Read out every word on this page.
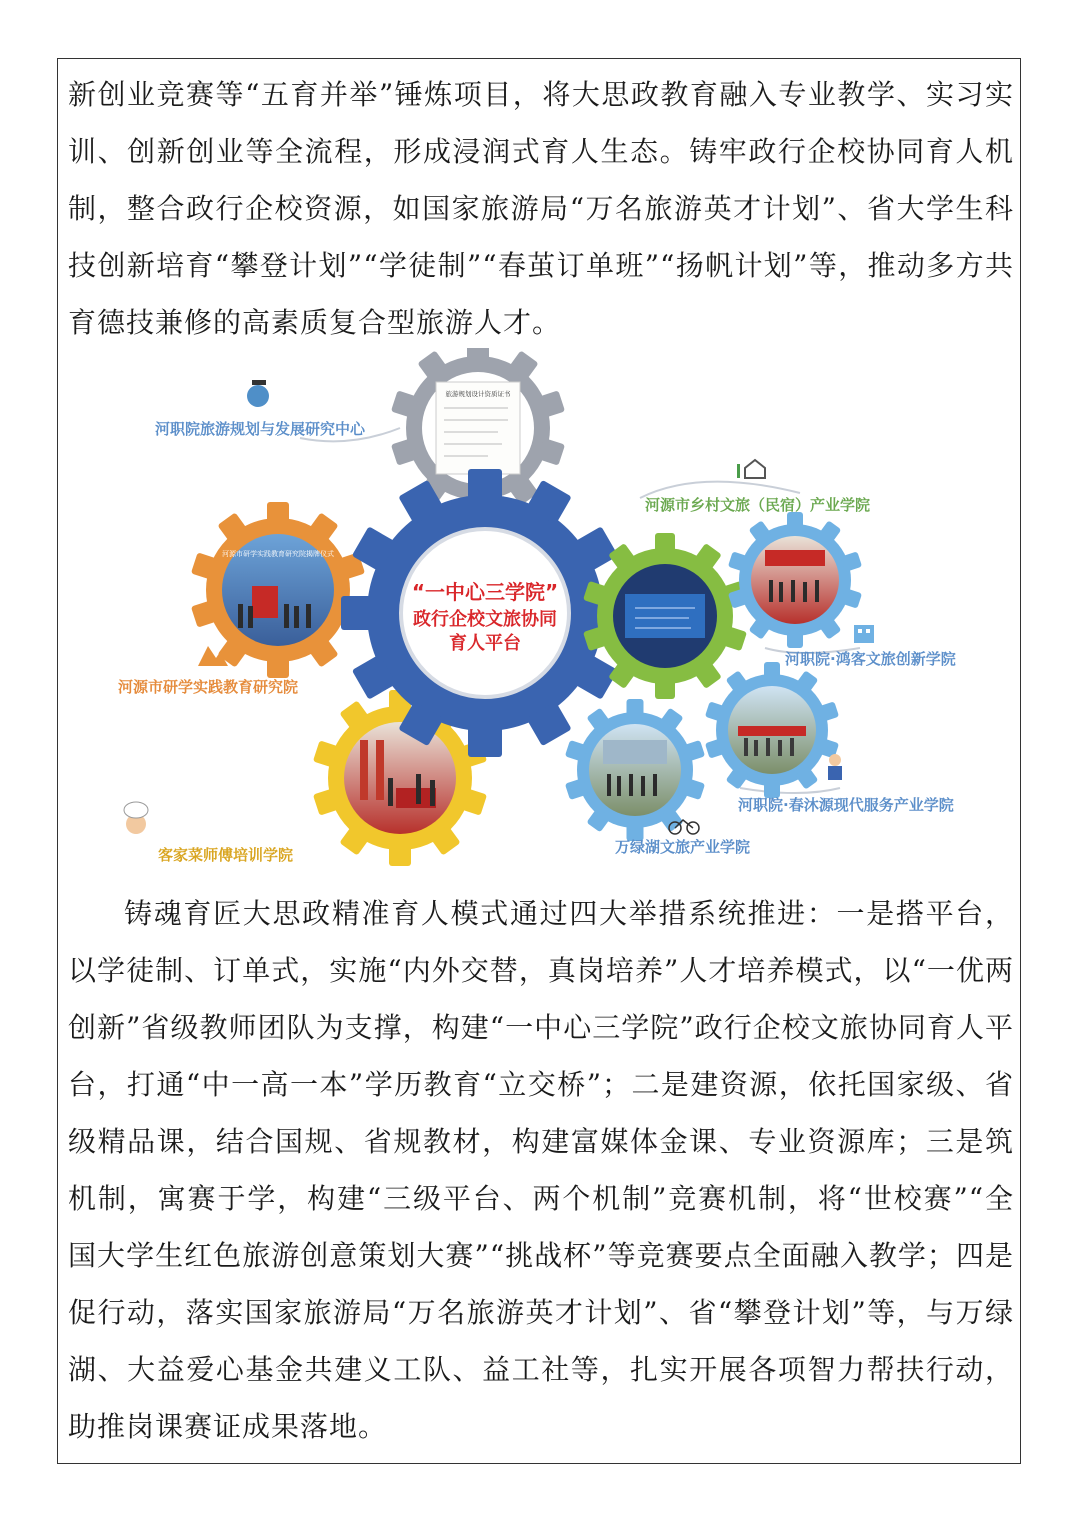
新创业竞赛等“五育并举”锤炼项目，将大思政教育融入专业教学、实习实训、创新创业等全流程，形成浸润式育人生态。铸牢政行企校协同育人机制，整合政行企校资源，如国家旅游局“万名旅游英才计划”、省大学生科技创新培育“攀登计划”“学徒制”“春茧订单班”“扬帆计划”等，推动多方共育德技兼修的高素质复合型旅游人才。

旅游规划设计资质证书
河源市研学实践教育研究院揭牌仪式
“一中心三学院”
政行企校文旅协同
育人平台
河职院旅游规划与发展研究中心
河源市乡村文旅（民宿）产业学院
河源市研学实践教育研究院
河职院·鸿客文旅创新学院
河职院·春沐源现代服务产业学院
万绿湖文旅产业学院
客家菜师傅培训学院

铸魂育匠大思政精准育人模式通过四大举措系统推进：一是搭平台，以学徒制、订单式，实施“内外交替，真岗培养”人才培养模式，以“一优两创新”省级教师团队为支撑，构建“一中心三学院”政行企校文旅协同育人平台，打通“中一高一本”学历教育“立交桥”；二是建资源，依托国家级、省级精品课，结合国规、省规教材，构建富媒体金课、专业资源库；三是筑机制，寓赛于学，构建“三级平台、两个机制”竞赛机制，将“世校赛”“全国大学生红色旅游创意策划大赛”“挑战杯”等竞赛要点全面融入教学；四是促行动，落实国家旅游局“万名旅游英才计划”、省“攀登计划”等，与万绿湖、大益爱心基金共建义工队、益工社等，扎实开展各项智力帮扶行动，助推岗课赛证成果落地。
